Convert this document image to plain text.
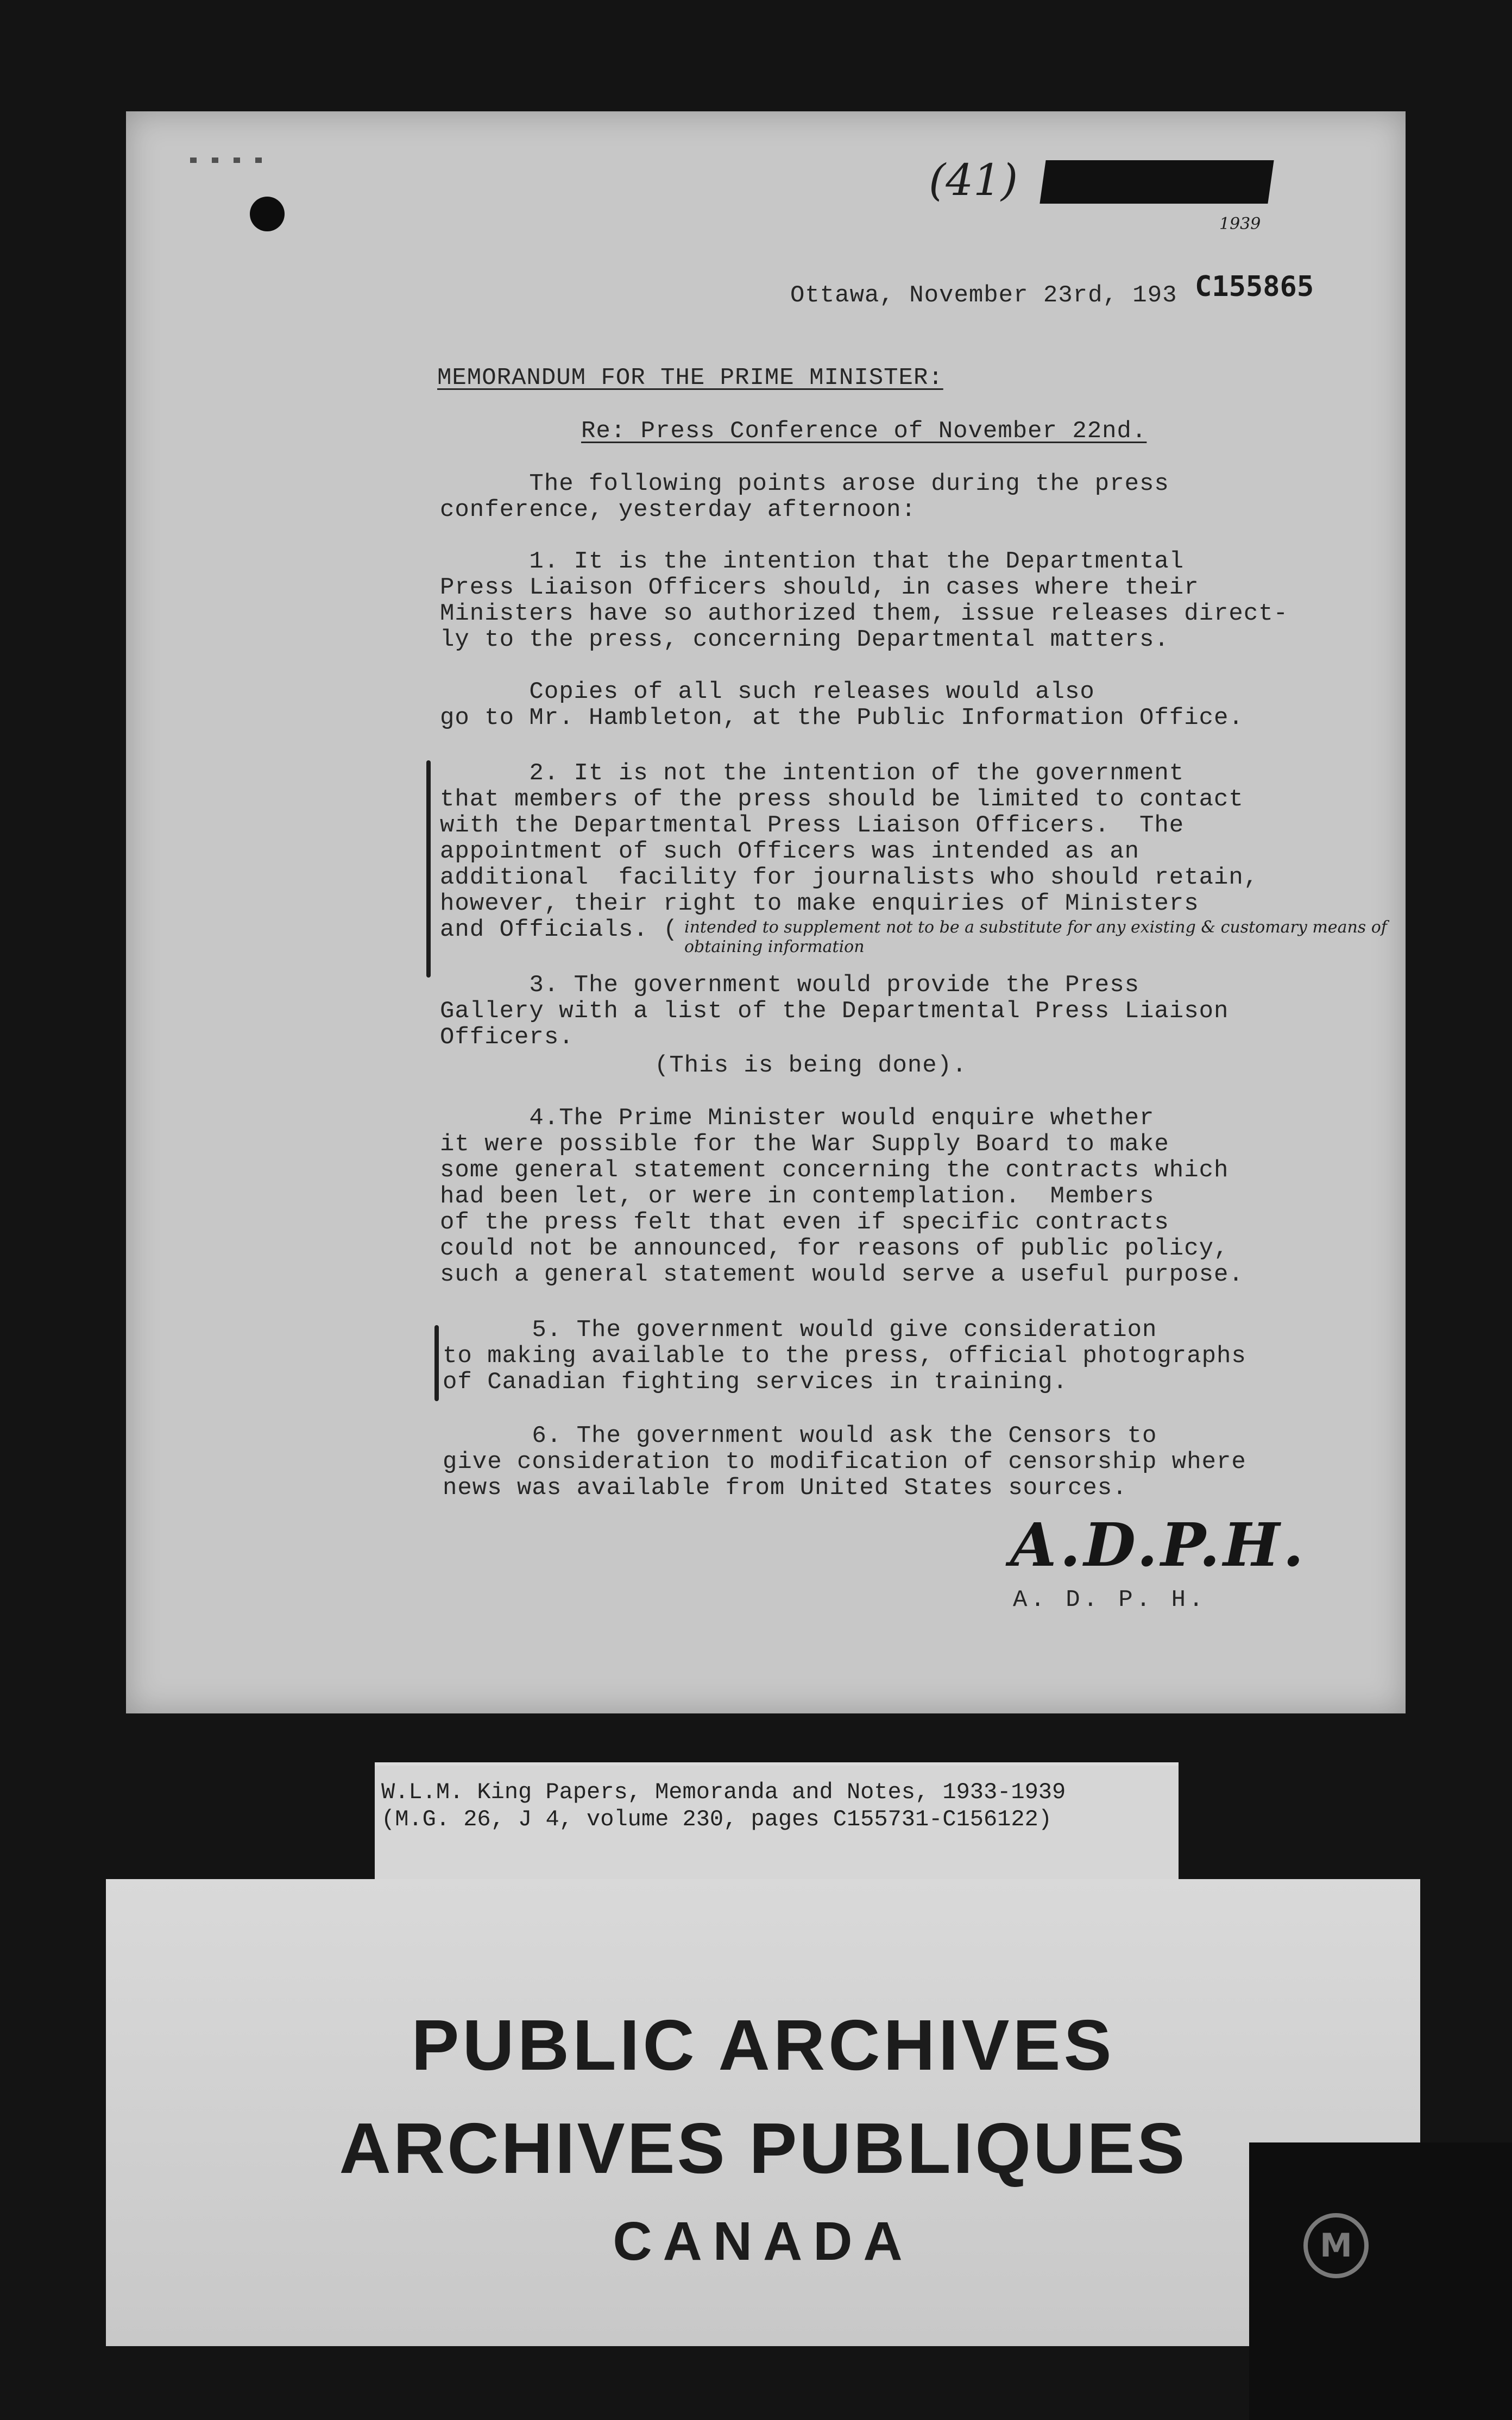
(41)
1939
Ottawa, November 23rd, 193 C155865
MEMORANDUM FOR THE PRIME MINISTER:
Re: Press Conference of November 22nd.
The following points arose during the press
conference, yesterday afternoon:
1. It is the intention that the Departmental
Press Liaison Officers should, in cases where their
Ministers have so authorized them, issue releases direct-
ly to the press, concerning Departmental matters.
Copies of all such releases would also
go to Mr. Hambleton, at the Public Information Office.
2. It is not the intention of the government
that members of the press should be limited to contact
with the Departmental Press Liaison Officers.  The
appointment of such Officers was intended as an
additional  facility for journalists who should retain,
however, their right to make enquiries of Ministers
and Officials. ( intended to supplement not to be a substitute for any existing & customary means of obtaining information
3. The government would provide the Press
Gallery with a list of the Departmental Press Liaison
Officers.
(This is being done).
4.The Prime Minister would enquire whether
it were possible for the War Supply Board to make
some general statement concerning the contracts which
had been let, or were in contemplation.  Members
of the press felt that even if specific contracts
could not be announced, for reasons of public policy,
such a general statement would serve a useful purpose.
5. The government would give consideration
to making available to the press, official photographs
of Canadian fighting services in training.
6. The government would ask the Censors to
give consideration to modification of censorship where
news was available from United States sources.
A.D.P.H.
A. D. P. H.
W.L.M. King Papers, Memoranda and Notes, 1933-1939
(M.G. 26, J 4, volume 230, pages C155731-C156122)
PUBLIC ARCHIVES
ARCHIVES PUBLIQUES
CANADA	M
